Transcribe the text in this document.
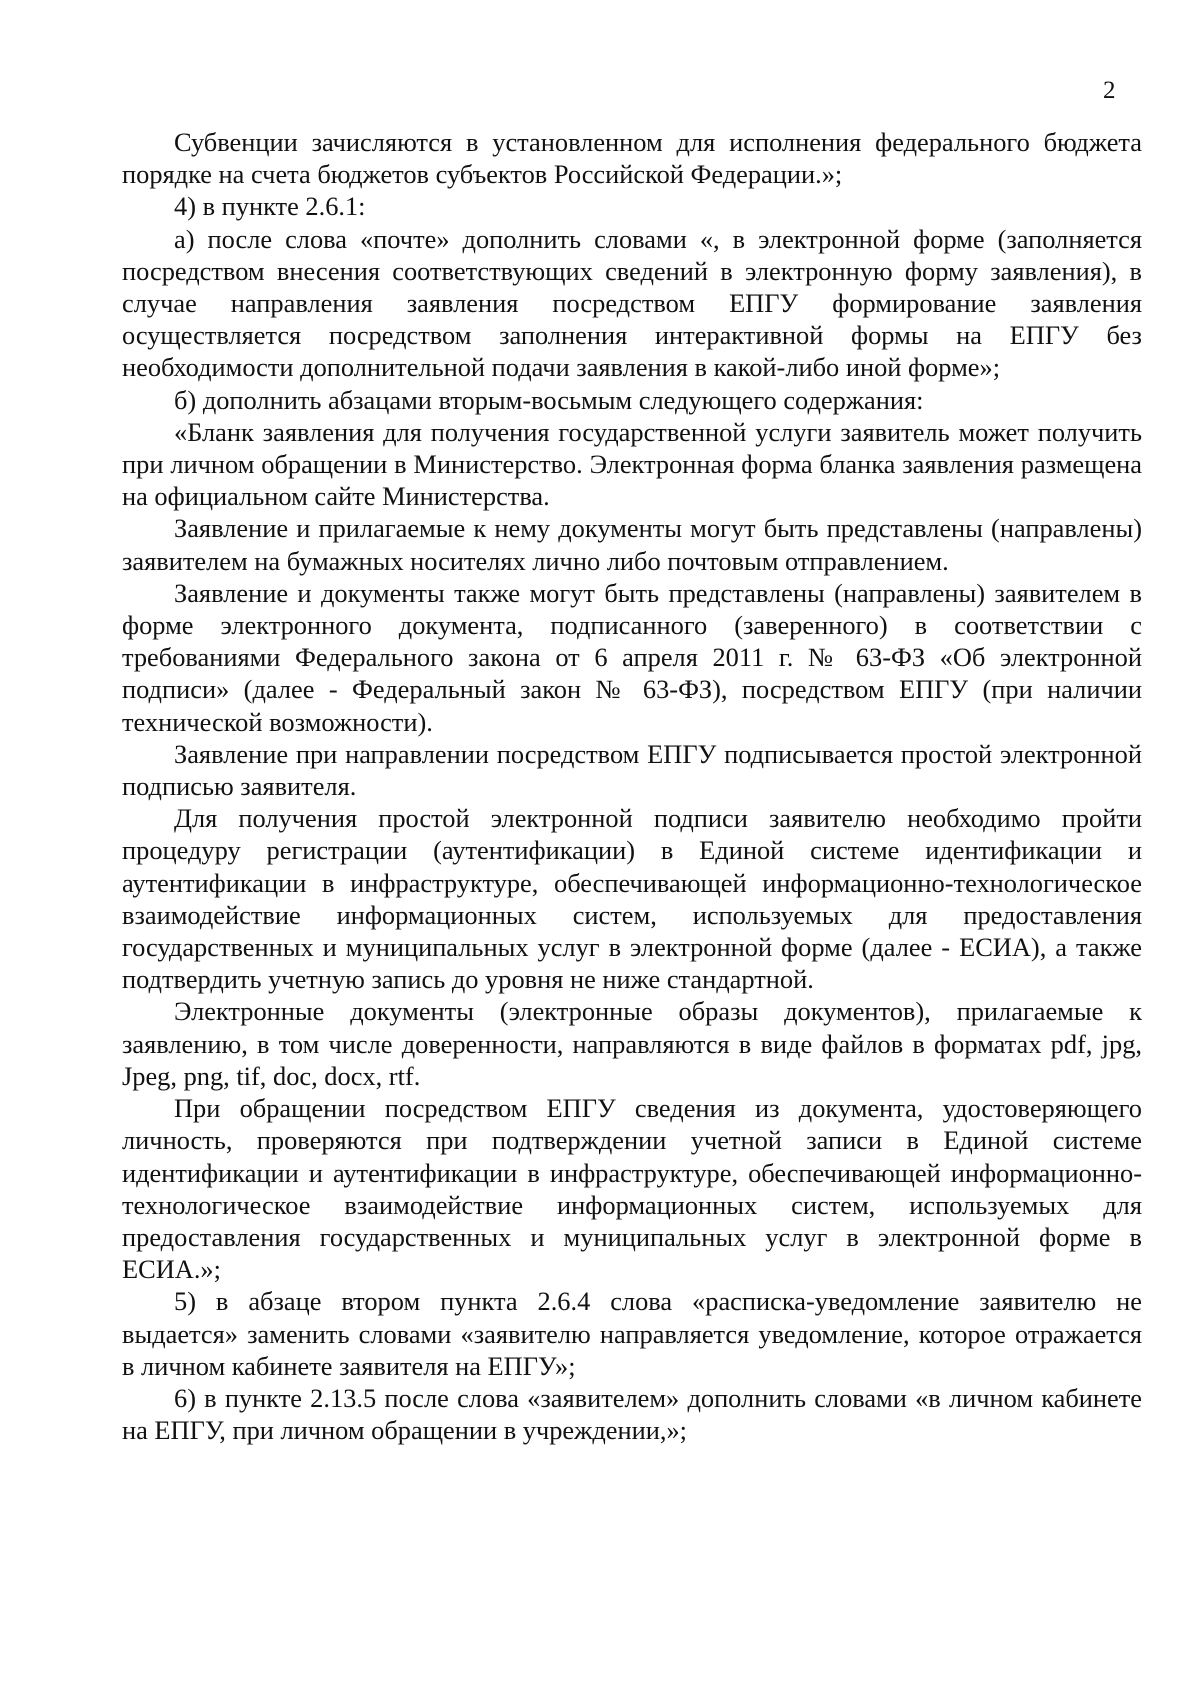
2

Субвенции зачисляются в установленном для исполнения федерального бюджета порядке на счета бюджетов субъектов Российской Федерации.»;

4) в пункте 2.6.1:

а) после слова «почте» дополнить словами «, в электронной форме (заполняется посредством внесения соответствующих сведений в электронную форму заявления), в случае направления заявления посредством ЕПГУ формирование заявления осуществляется посредством заполнения интерактивной формы на ЕПГУ без необходимости дополнительной подачи заявления в какой-либо иной форме»;

б) дополнить абзацами вторым-восьмым следующего содержания:

«Бланк заявления для получения государственной услуги заявитель может получить при личном обращении в Министерство. Электронная форма бланка заявления размещена на официальном сайте Министерства.

Заявление и прилагаемые к нему документы могут быть представлены (направлены) заявителем на бумажных носителях лично либо почтовым отправлением.

Заявление и документы также могут быть представлены (направлены) заявителем в форме электронного документа, подписанного (заверенного) в соответствии с требованиями Федерального закона от 6 апреля 2011 г. № 63-ФЗ «Об электронной подписи» (далее - Федеральный закон № 63-ФЗ), посредством ЕПГУ (при наличии технической возможности).

Заявление при направлении посредством ЕПГУ подписывается простой электронной подписью заявителя.

Для получения простой электронной подписи заявителю необходимо пройти процедуру регистрации (аутентификации) в Единой системе идентификации и аутентификации в инфраструктуре, обеспечивающей информационно-технологическое взаимодействие информационных систем, используемых для предоставления государственных и муниципальных услуг в электронной форме (далее - ЕСИА), а также подтвердить учетную запись до уровня не ниже стандартной.

Электронные документы (электронные образы документов), прилагаемые к заявлению, в том числе доверенности, направляются в виде файлов в форматах pdf, jpg, Jpeg, png, tif, doc, docx, rtf.

При обращении посредством ЕПГУ сведения из документа, удостоверяющего личность, проверяются при подтверждении учетной записи в Единой системе идентификации и аутентификации в инфраструктуре, обеспечивающей информационно-технологическое взаимодействие информационных систем, используемых для предоставления государственных и муниципальных услуг в электронной форме в ЕСИА.»;

5) в абзаце втором пункта 2.6.4 слова «расписка-уведомление заявителю не выдается» заменить словами «заявителю направляется уведомление, которое отражается в личном кабинете заявителя на ЕПГУ»;

6) в пункте 2.13.5 после слова «заявителем» дополнить словами «в личном кабинете на ЕПГУ, при личном обращении в учреждении,»;
